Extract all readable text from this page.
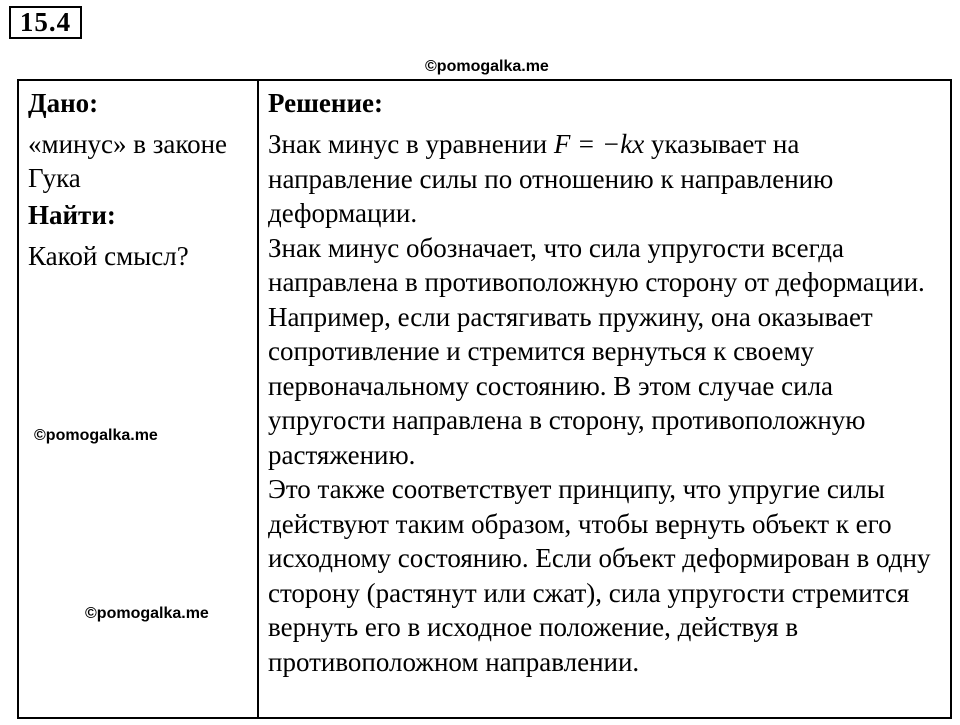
15.4
©pomogalka.me
Дано:
«минус» в законе Гука
Найти:
Какой смысл?

Решение:

Знак минус в уравнении F = −kx указывает на направление силы по отношению к направлению деформации.

Знак минус обозначает, что сила упругости всегда направлена в противоположную сторону от деформации. Например, если растягивать пружину, она оказывает сопротивление и стремится вернуться к своему первоначальному состоянию. В этом случае сила упругости направлена в сторону, противоположную растяжению.

Это также соответствует принципу, что упругие силы действуют таким образом, чтобы вернуть объект к его исходному состоянию. Если объект деформирован в одну сторону (растянут или сжат), сила упругости стремится вернуть его в исходное положение, действуя в противоположном направлении.

©pomogalka.me
©pomogalka.me
